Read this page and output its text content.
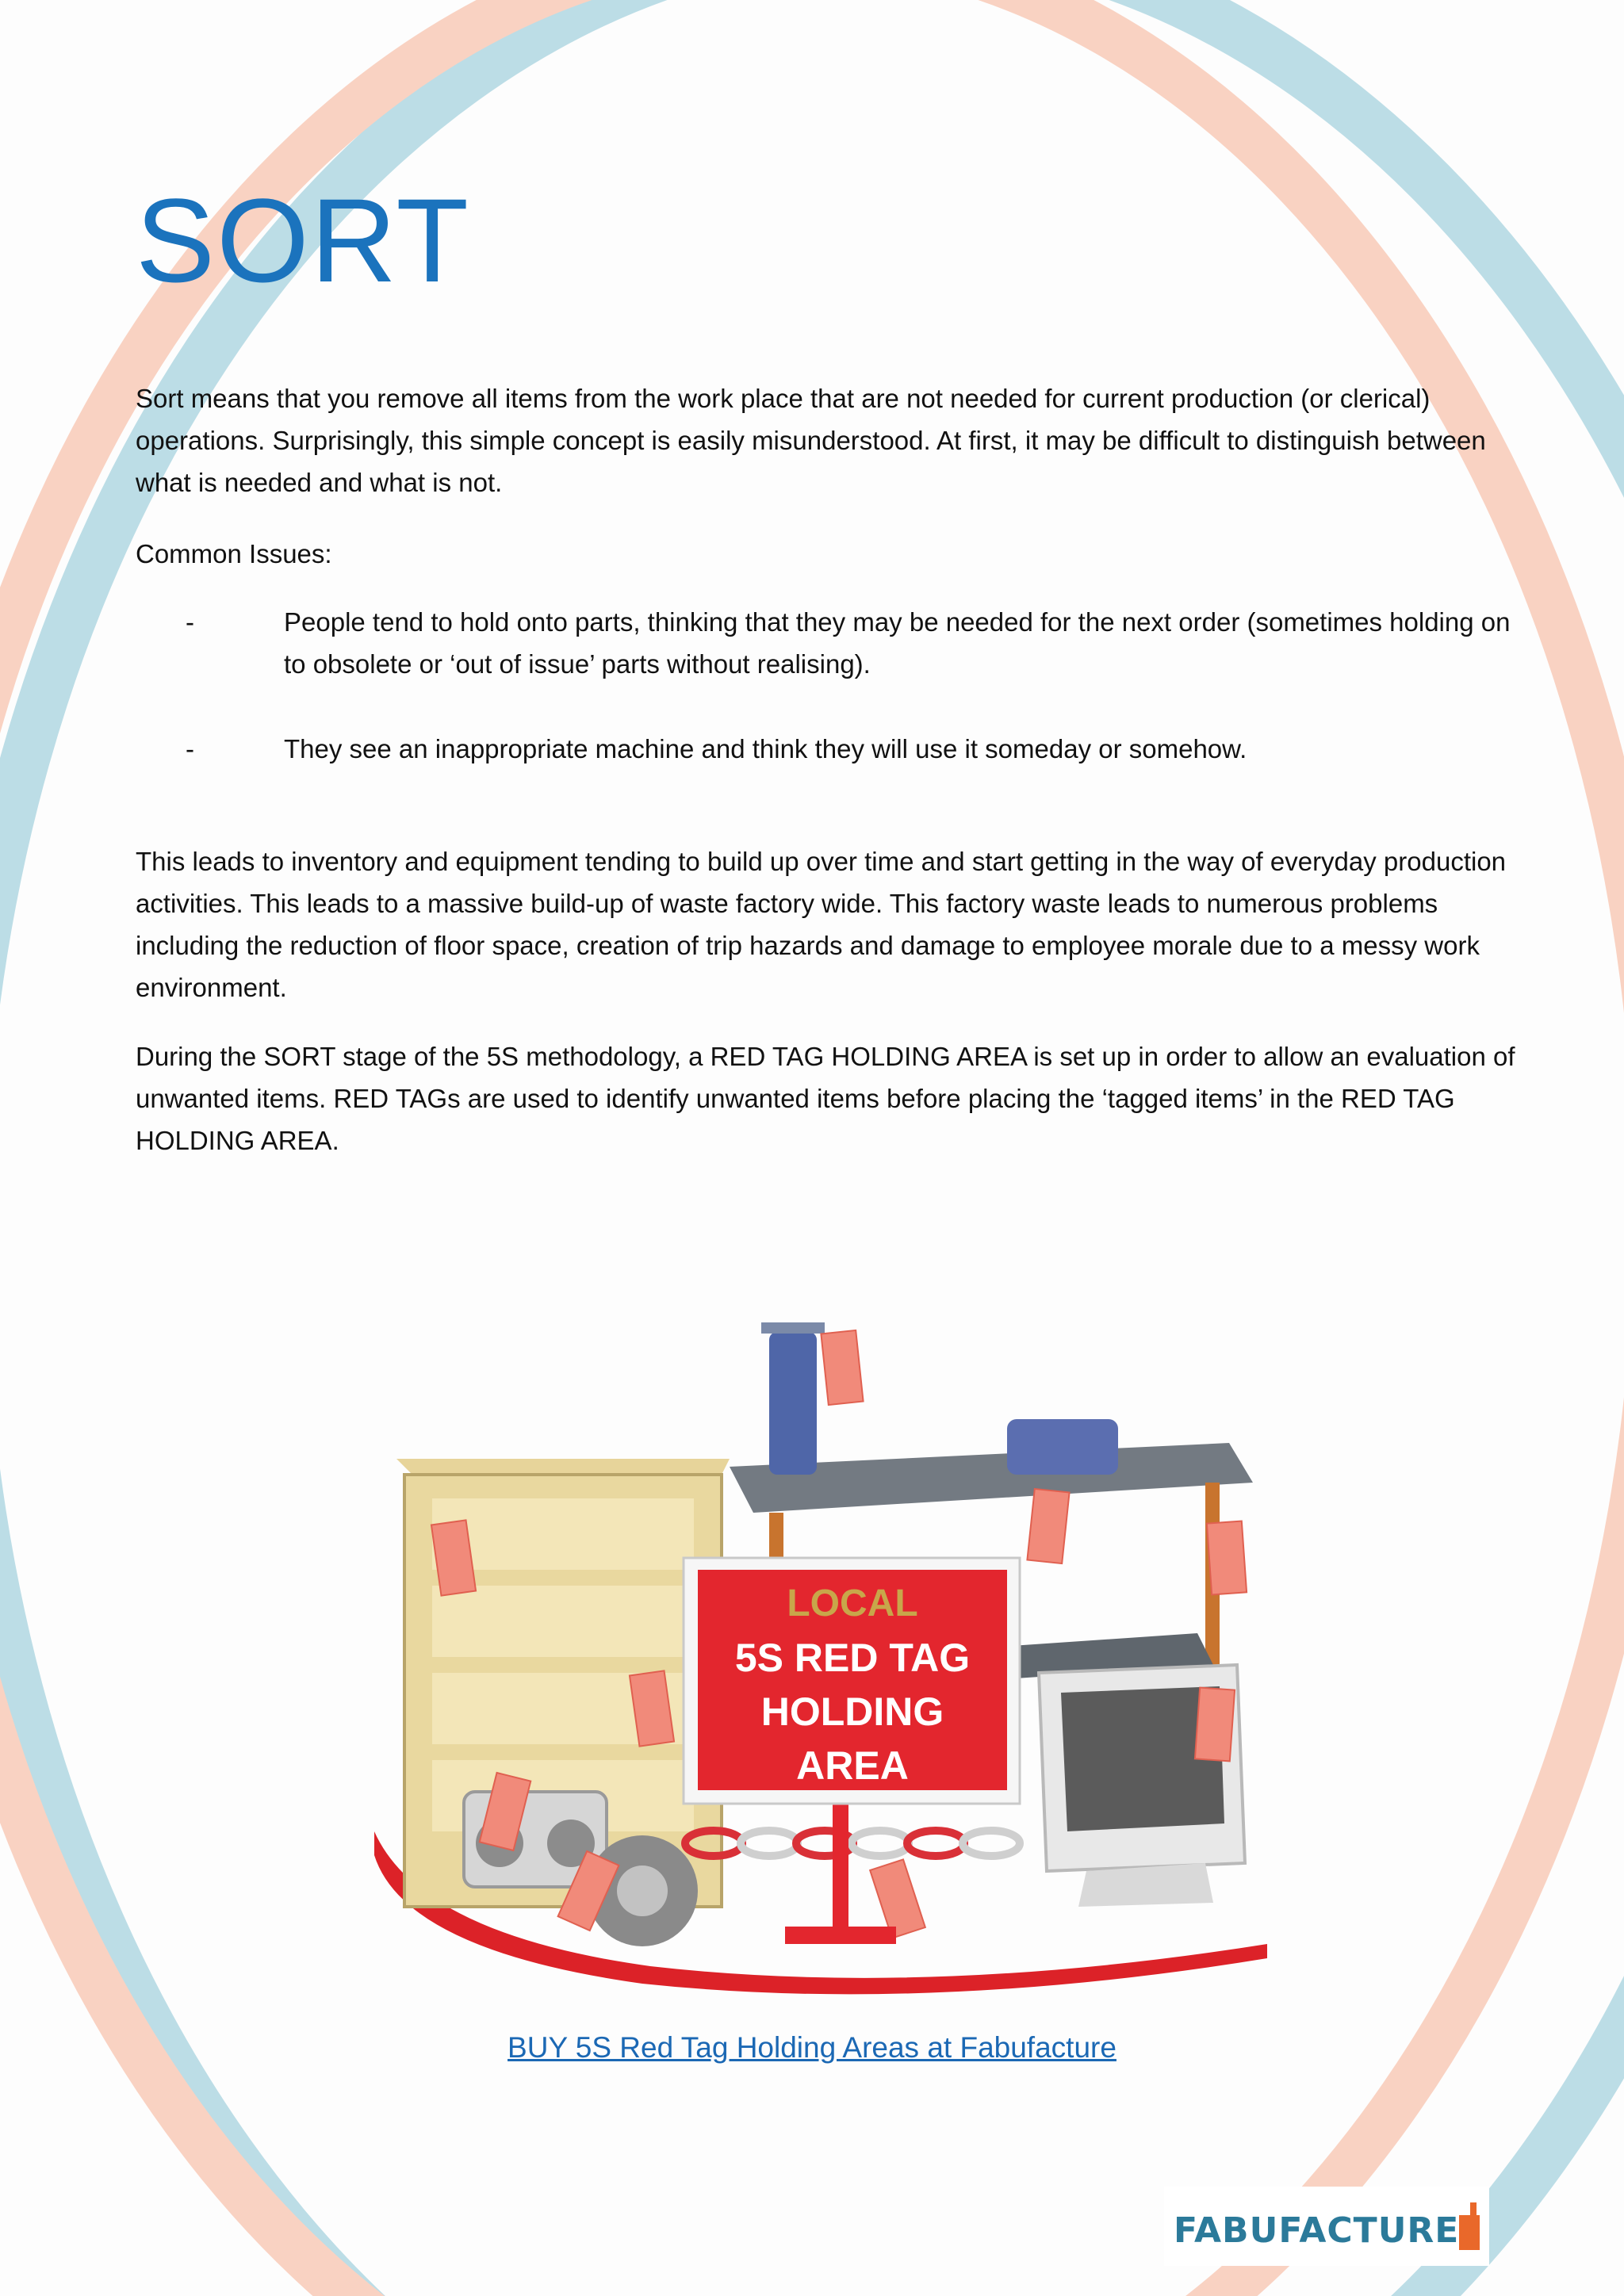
SORT

Sort means that you remove all items from the work place that are not needed for current production (or clerical) operations. Surprisingly, this simple concept is easily misunderstood. At first, it may be difficult to distinguish between what is needed and what is not.

Common Issues:

-	People tend to hold onto parts, thinking that they may be needed for the next order (sometimes holding on to obsolete or ‘out of issue’ parts without realising).
-	They see an inappropriate machine and think they will use it someday or somehow.

This leads to inventory and equipment tending to build up over time and start getting in the way of everyday production activities. This leads to a massive build-up of waste factory wide. This factory waste leads to numerous problems including the reduction of floor space, creation of trip hazards and damage to employee morale due to a messy work environment.

During the SORT stage of the 5S methodology, a RED TAG HOLDING AREA is set up in order to allow an evaluation of unwanted items. RED TAGs are used to identify unwanted items before placing the ‘tagged items’ in the RED TAG HOLDING AREA.

LOCAL
5S RED TAG
HOLDING
AREA
BUY 5S Red Tag Holding Areas at Fabufacture
FABUFACTURE
